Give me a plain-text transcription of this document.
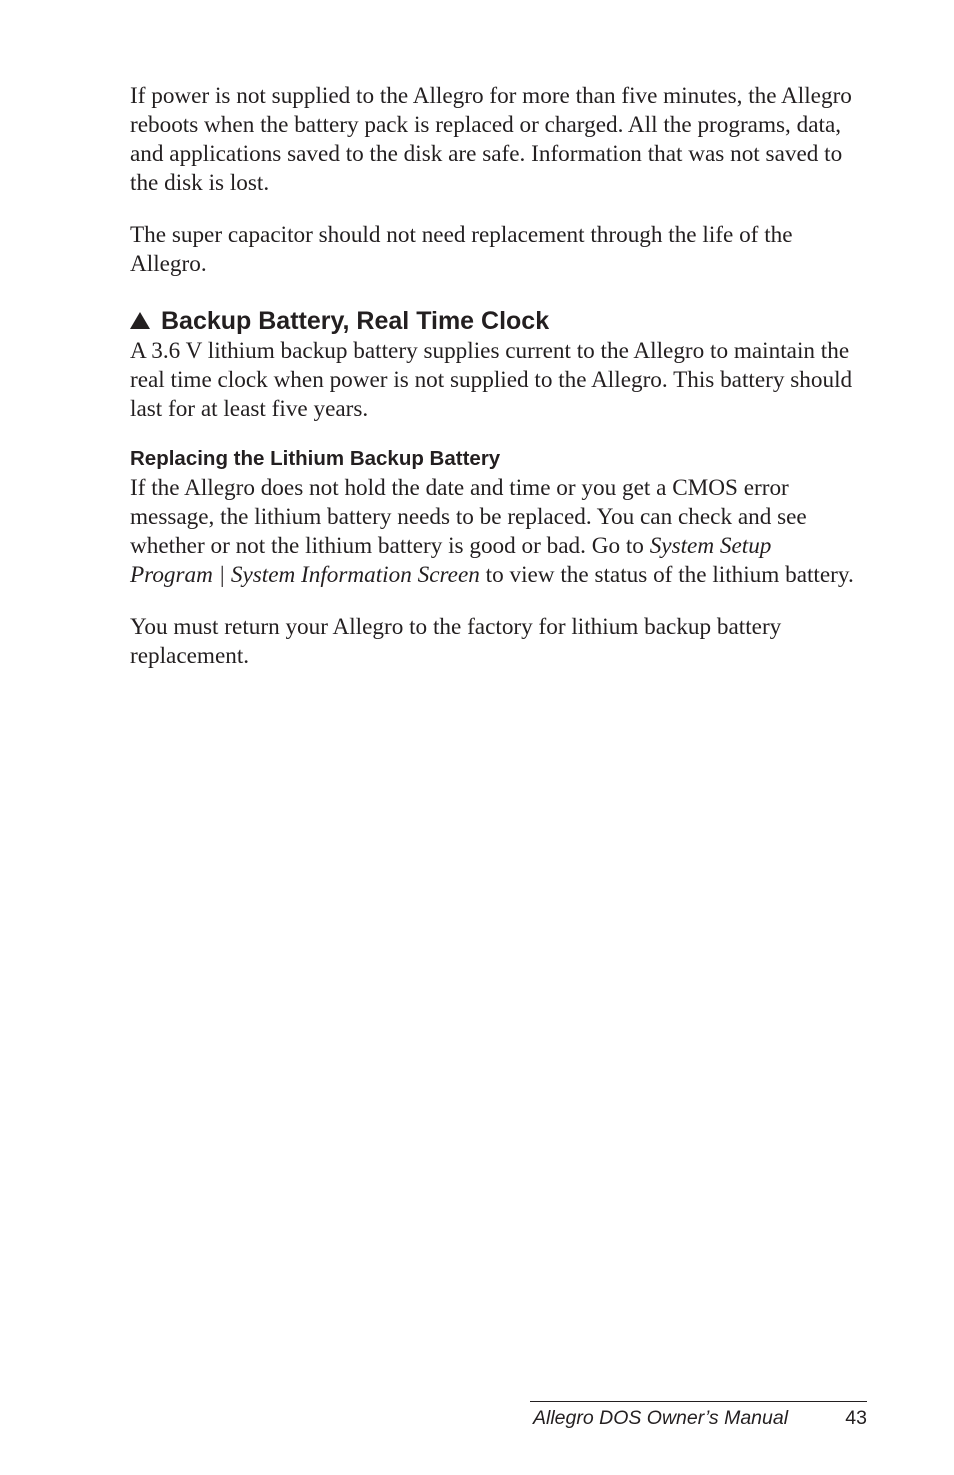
If power is not supplied to the Allegro for more than five minutes, the Allegro reboots when the battery pack is replaced or charged. All the programs, data, and applications saved to the disk are safe. Information that was not saved to the disk is lost.

The super capacitor should not need replacement through the life of the Allegro.

Backup Battery, Real Time Clock

A 3.6 V lithium backup battery supplies current to the Allegro to maintain the real time clock when power is not supplied to the Allegro. This battery should last for at least five years.

Replacing the Lithium Backup Battery

If the Allegro does not hold the date and time or you get a CMOS error message, the lithium battery needs to be replaced. You can check and see whether or not the lithium battery is good or bad. Go to System Setup Program | System Information Screen to view the status of the lithium battery.

You must return your Allegro to the factory for lithium backup battery replacement.

Allegro DOS Owner’s Manual	43
